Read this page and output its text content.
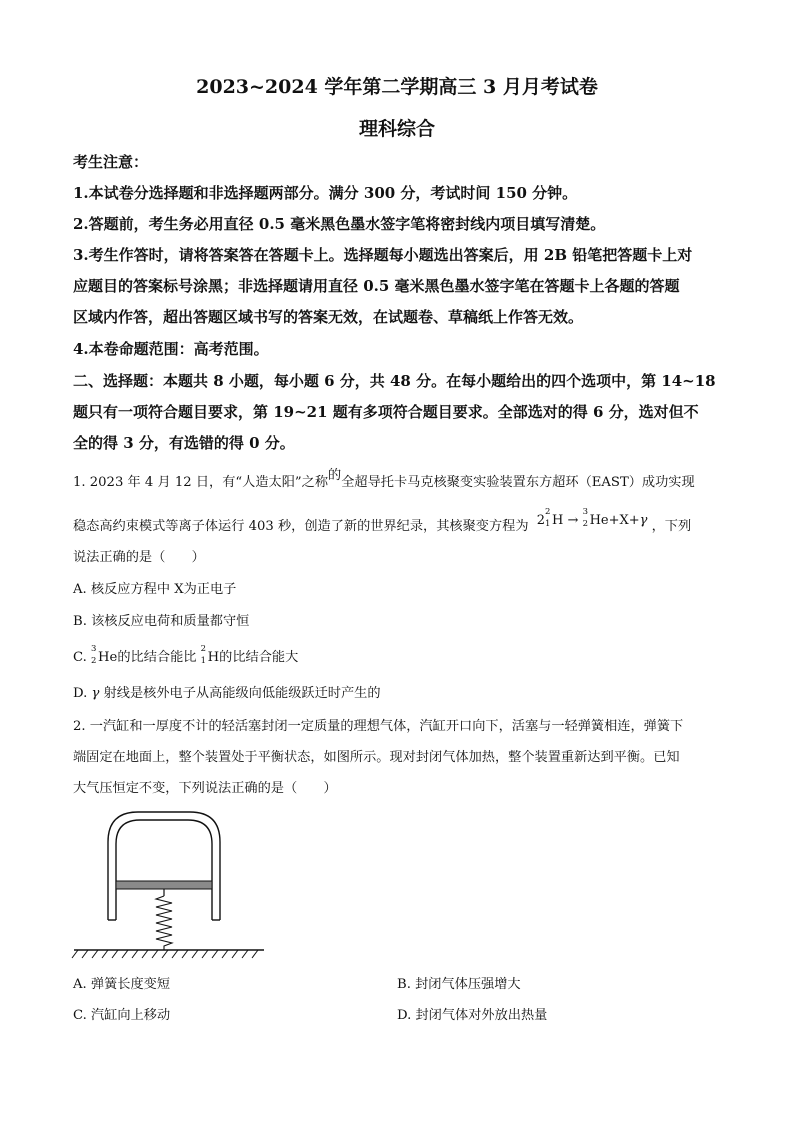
2023~2024 学年第二学期高三 3 月月考试卷
理科综合
考生注意：
1.本试卷分选择题和非选择题两部分。满分 300 分，考试时间 150 分钟。
2.答题前，考生务必用直径 0.5 毫米黑色墨水签字笔将密封线内项目填写清楚。
3.考生作答时，请将答案答在答题卡上。选择题每小题选出答案后，用 2B 铅笔把答题卡上对
应题目的答案标号涂黑；非选择题请用直径 0.5 毫米黑色墨水签字笔在答题卡上各题的答题
区域内作答，超出答题区域书写的答案无效，在试题卷、草稿纸上作答无效。
4.本卷命题范围：高考范围。
二、选择题：本题共 8 小题，每小题 6 分，共 48 分。在每小题给出的四个选项中，第 14~18
题只有一项符合题目要求，第 19~21 题有多项符合题目要求。全部选对的得 6 分，选对但不
全的得 3 分，有选错的得 0 分。
1. 2023 年 4 月 12 日，有“人造太阳”之称的全超导托卡马克核聚变实验装置东方超环（EAST）成功实现
稳态高约束模式等离子体运行 403 秒，创造了新的世界纪录，其核聚变方程为 2
2
1 H →
3
2 He+X+γ ，下列
说法正确的是（　　）
A. 核反应方程中 X为正电子
B. 该核反应电荷和质量都守恒
C.
3
2 He的比结合能比
2
1 H的比结合能大
D. γ 射线是核外电子从高能级向低能级跃迁时产生的
2. 一汽缸和一厚度不计的轻活塞封闭一定质量的理想气体，汽缸开口向下，活塞与一轻弹簧相连，弹簧下
端固定在地面上，整个装置处于平衡状态，如图所示。现对封闭气体加热，整个装置重新达到平衡。已知
大气压恒定不变，下列说法正确的是（　　）
A. 弹簧长度变短	B. 封闭气体压强增大
C. 汽缸向上移动	D. 封闭气体对外放出热量
